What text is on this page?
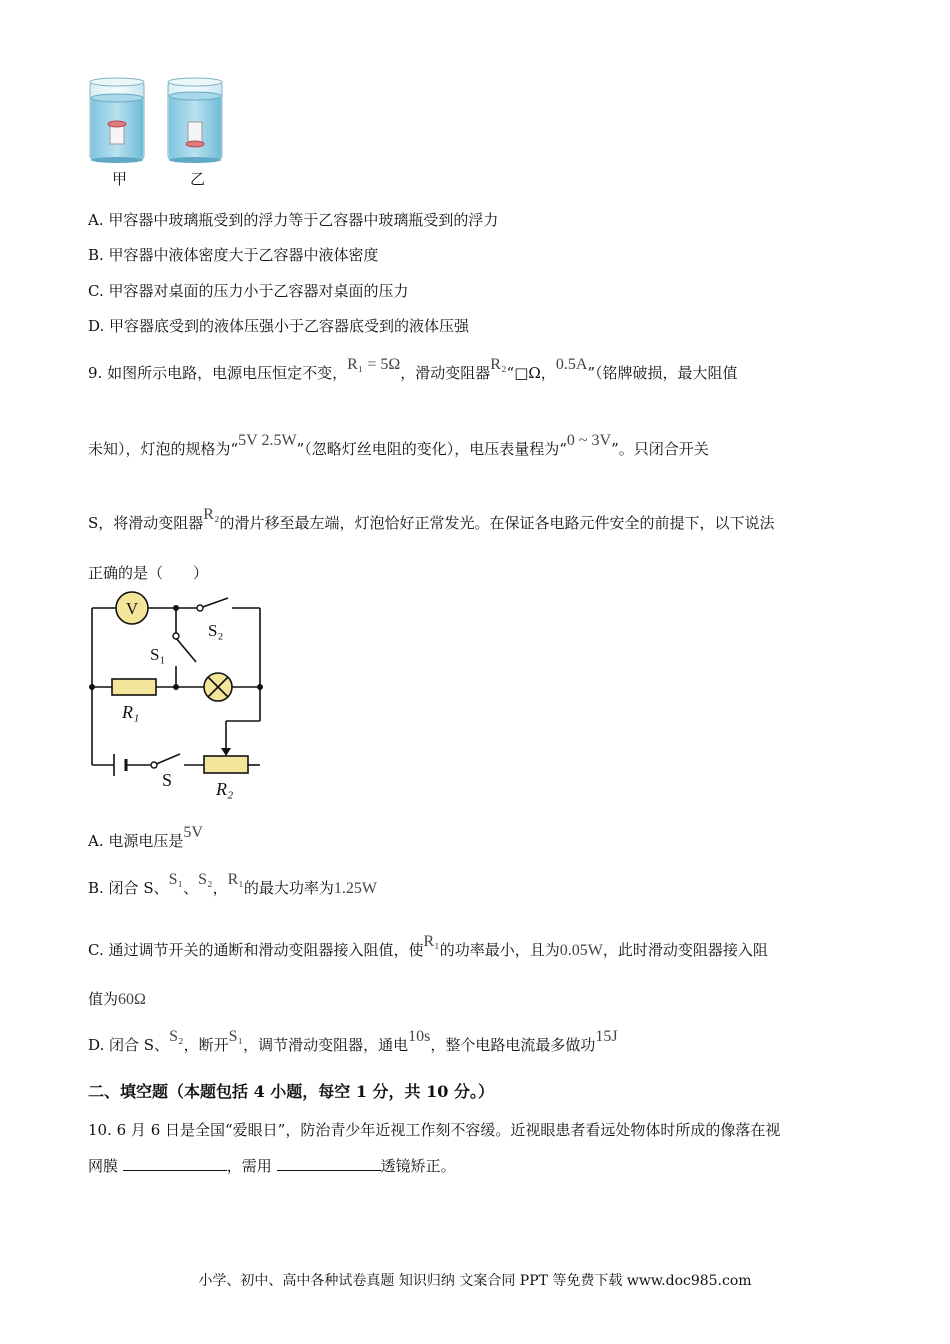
甲	乙
A. 甲容器中玻璃瓶受到的浮力等于乙容器中玻璃瓶受到的浮力
B. 甲容器中液体密度大于乙容器中液体密度
C. 甲容器对桌面的压力小于乙容器对桌面的压力
D. 甲容器底受到的液体压强小于乙容器底受到的液体压强
9. 如图所示电路，电源电压恒定不变，R₁ = 5Ω，滑动变阻器R₂“□Ω，0.5A”（铭牌破损，最大阻值
未知），灯泡的规格为“5V 2.5W”（忽略灯丝电阻的变化），电压表量程为“0 ~ 3V”。只闭合开关
S，将滑动变阻器R₂的滑片移至最左端，灯泡恰好正常发光。在保证各电路元件安全的前提下，以下说法
正确的是（　　）
V
S₂
S₁
R₁
S R₂
A. 电源电压是5V
B. 闭合 S、S₁、S₂，R₁的最大功率为1.25W
C. 通过调节开关的通断和滑动变阻器接入阻值，使R₁的功率最小，且为0.05W，此时滑动变阻器接入阻
值为60Ω
D. 闭合 S、S₂，断开S₁，调节滑动变阻器，通电10s，整个电路电流最多做功15J
二、填空题（本题包括 4 小题，每空 1 分，共 10 分。）
10. 6 月 6 日是全国“爱眼日”，防治青少年近视工作刻不容缓。近视眼患者看远处物体时所成的像落在视
网膜	，需用	透镜矫正。
小学、初中、高中各种试卷真题 知识归纳 文案合同 PPT 等免费下载 www.doc985.com
